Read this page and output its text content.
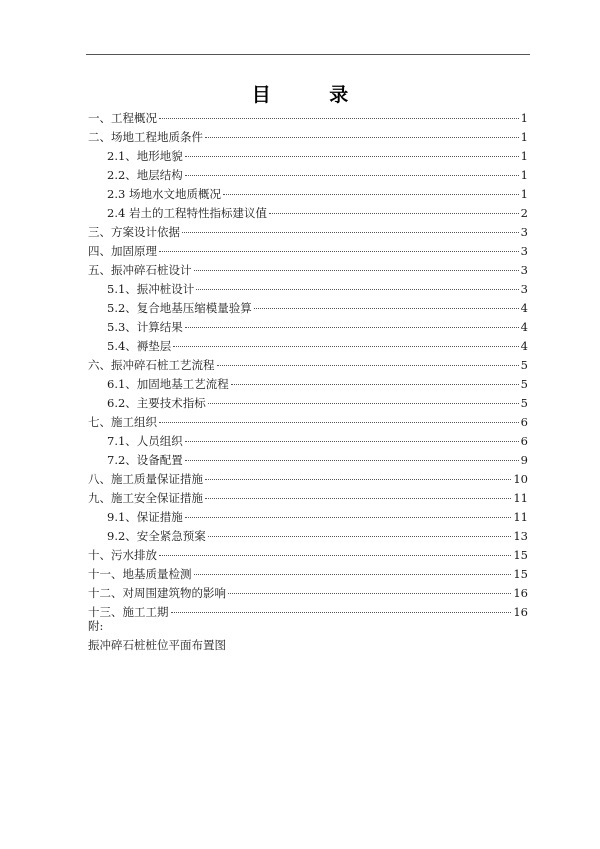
目 录
一、工程概况	1
二、场地工程地质条件	1
2.1、地形地貌	1
2.2、地层结构	1
2.3 场地水文地质概况	1
2.4 岩土的工程特性指标建议值	2
三、方案设计依据	3
四、加固原理	3
五、振冲碎石桩设计	3
5.1、振冲桩设计	3
5.2、复合地基压缩模量验算	4
5.3、计算结果	4
5.4、褥垫层	4
六、振冲碎石桩工艺流程	5
6.1、加固地基工艺流程	5
6.2、主要技术指标	5
七、施工组织	6
7.1、人员组织	6
7.2、设备配置	9
八、施工质量保证措施	10
九、施工安全保证措施	11
9.1、保证措施	11
9.2、安全紧急预案	13
十、污水排放	15
十一、地基质量检测	15
十二、对周围建筑物的影响	16
十三、施工工期	16
附:
振冲碎石桩桩位平面布置图
